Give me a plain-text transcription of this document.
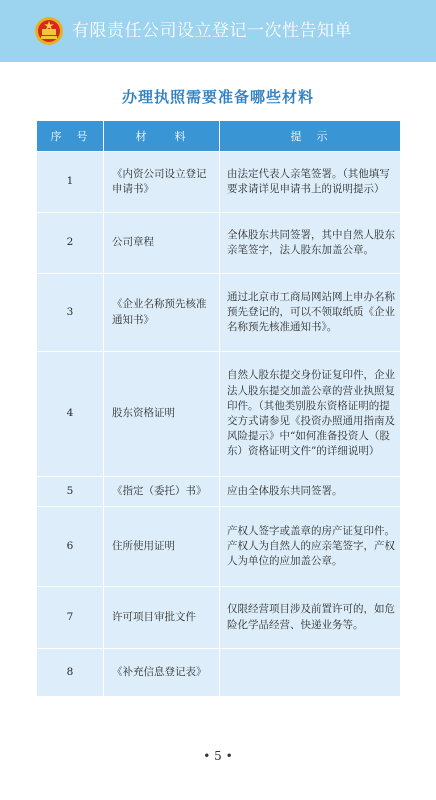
有限责任公司设立登记一次性告知单
办理执照需要准备哪些材料
序　号	材　　料	提　示
1	《内资公司设立登记申请书》	由法定代表人亲笔签署。（其他填写要求请详见申请书上的说明提示）
2	公司章程	全体股东共同签署，其中自然人股东亲笔签字，法人股东加盖公章。
3	《企业名称预先核准通知书》	通过北京市工商局网站网上申办名称预先登记的，可以不领取纸质《企业名称预先核准通知书》。
4	股东资格证明	自然人股东提交身份证复印件，企业法人股东提交加盖公章的营业执照复印件。（其他类别股东资格证明的提交方式请参见《投资办照通用指南及风险提示》中“如何准备投资人（股东）资格证明文件”的详细说明）
5	《指定（委托）书》	应由全体股东共同签署。
6	住所使用证明	产权人签字或盖章的房产证复印件。产权人为自然人的应亲笔签字，产权人为单位的应加盖公章。
7	许可项目审批文件	仅限经营项目涉及前置许可的，如危险化学品经营、快递业务等。
8	《补充信息登记表》	
• 5 •
